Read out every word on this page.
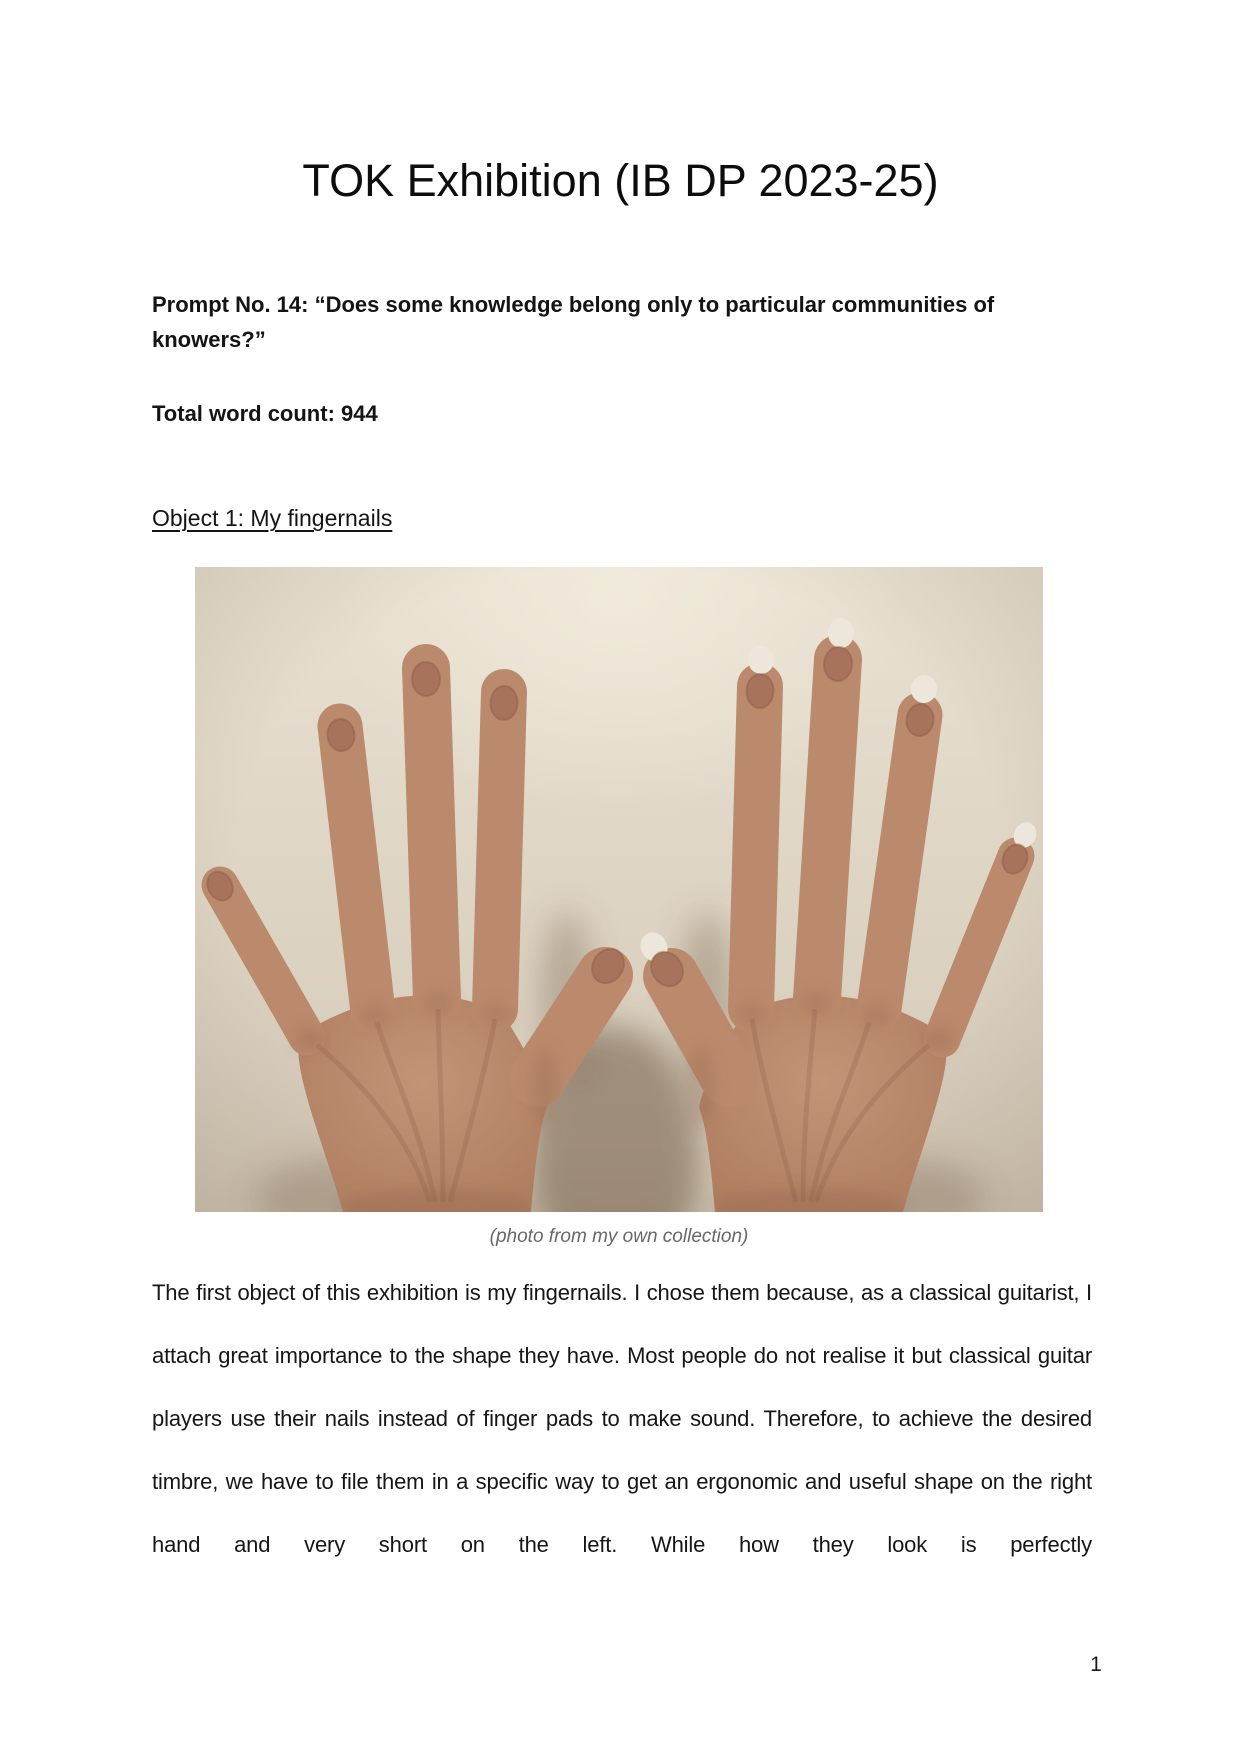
TOK Exhibition (IB DP 2023-25)
Prompt No. 14: “Does some knowledge belong only to particular communities of knowers?”
Total word count: 944
Object 1: My fingernails
(photo from my own collection)
The first object of this exhibition is my fingernails. I chose them because, as a classical guitarist, I attach great importance to the shape they have. Most people do not realise it but classical guitar players use their nails instead of finger pads to make sound. Therefore, to achieve the desired timbre, we have to file them in a specific way to get an ergonomic and useful shape on the right hand and very short on the left. While how they look is perfectly
1
